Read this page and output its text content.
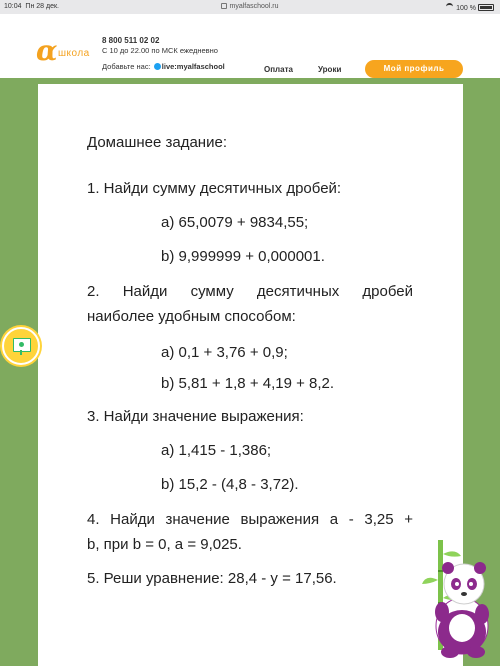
10:04 Пн 28 дек.	myalfaschool.ru	100 %
α школа
8 800 511 02 02
С 10 до 22.00 по МСК ежедневно
Добавьте нас: live:myalfaschool	Оплата	Уроки	Мой профиль
Домашнее задание:
1. Найди сумму десятичных дробей:
a) 65,0079 + 9834,55;
b) 9,999999 + 0,000001.
2. Найди сумму десятичных дробей
наиболее удобным способом:
a) 0,1 + 3,76 + 0,9;
b) 5,81 + 1,8 + 4,19 + 8,2.
3. Найди значение выражения:
a) 1,415 - 1,386;
b) 15,2 - (4,8 - 3,72).
4. Найди значение выражения a - 3,25 +
b, при b = 0, a = 9,025.
5. Реши уравнение: 28,4 - y = 17,56.
